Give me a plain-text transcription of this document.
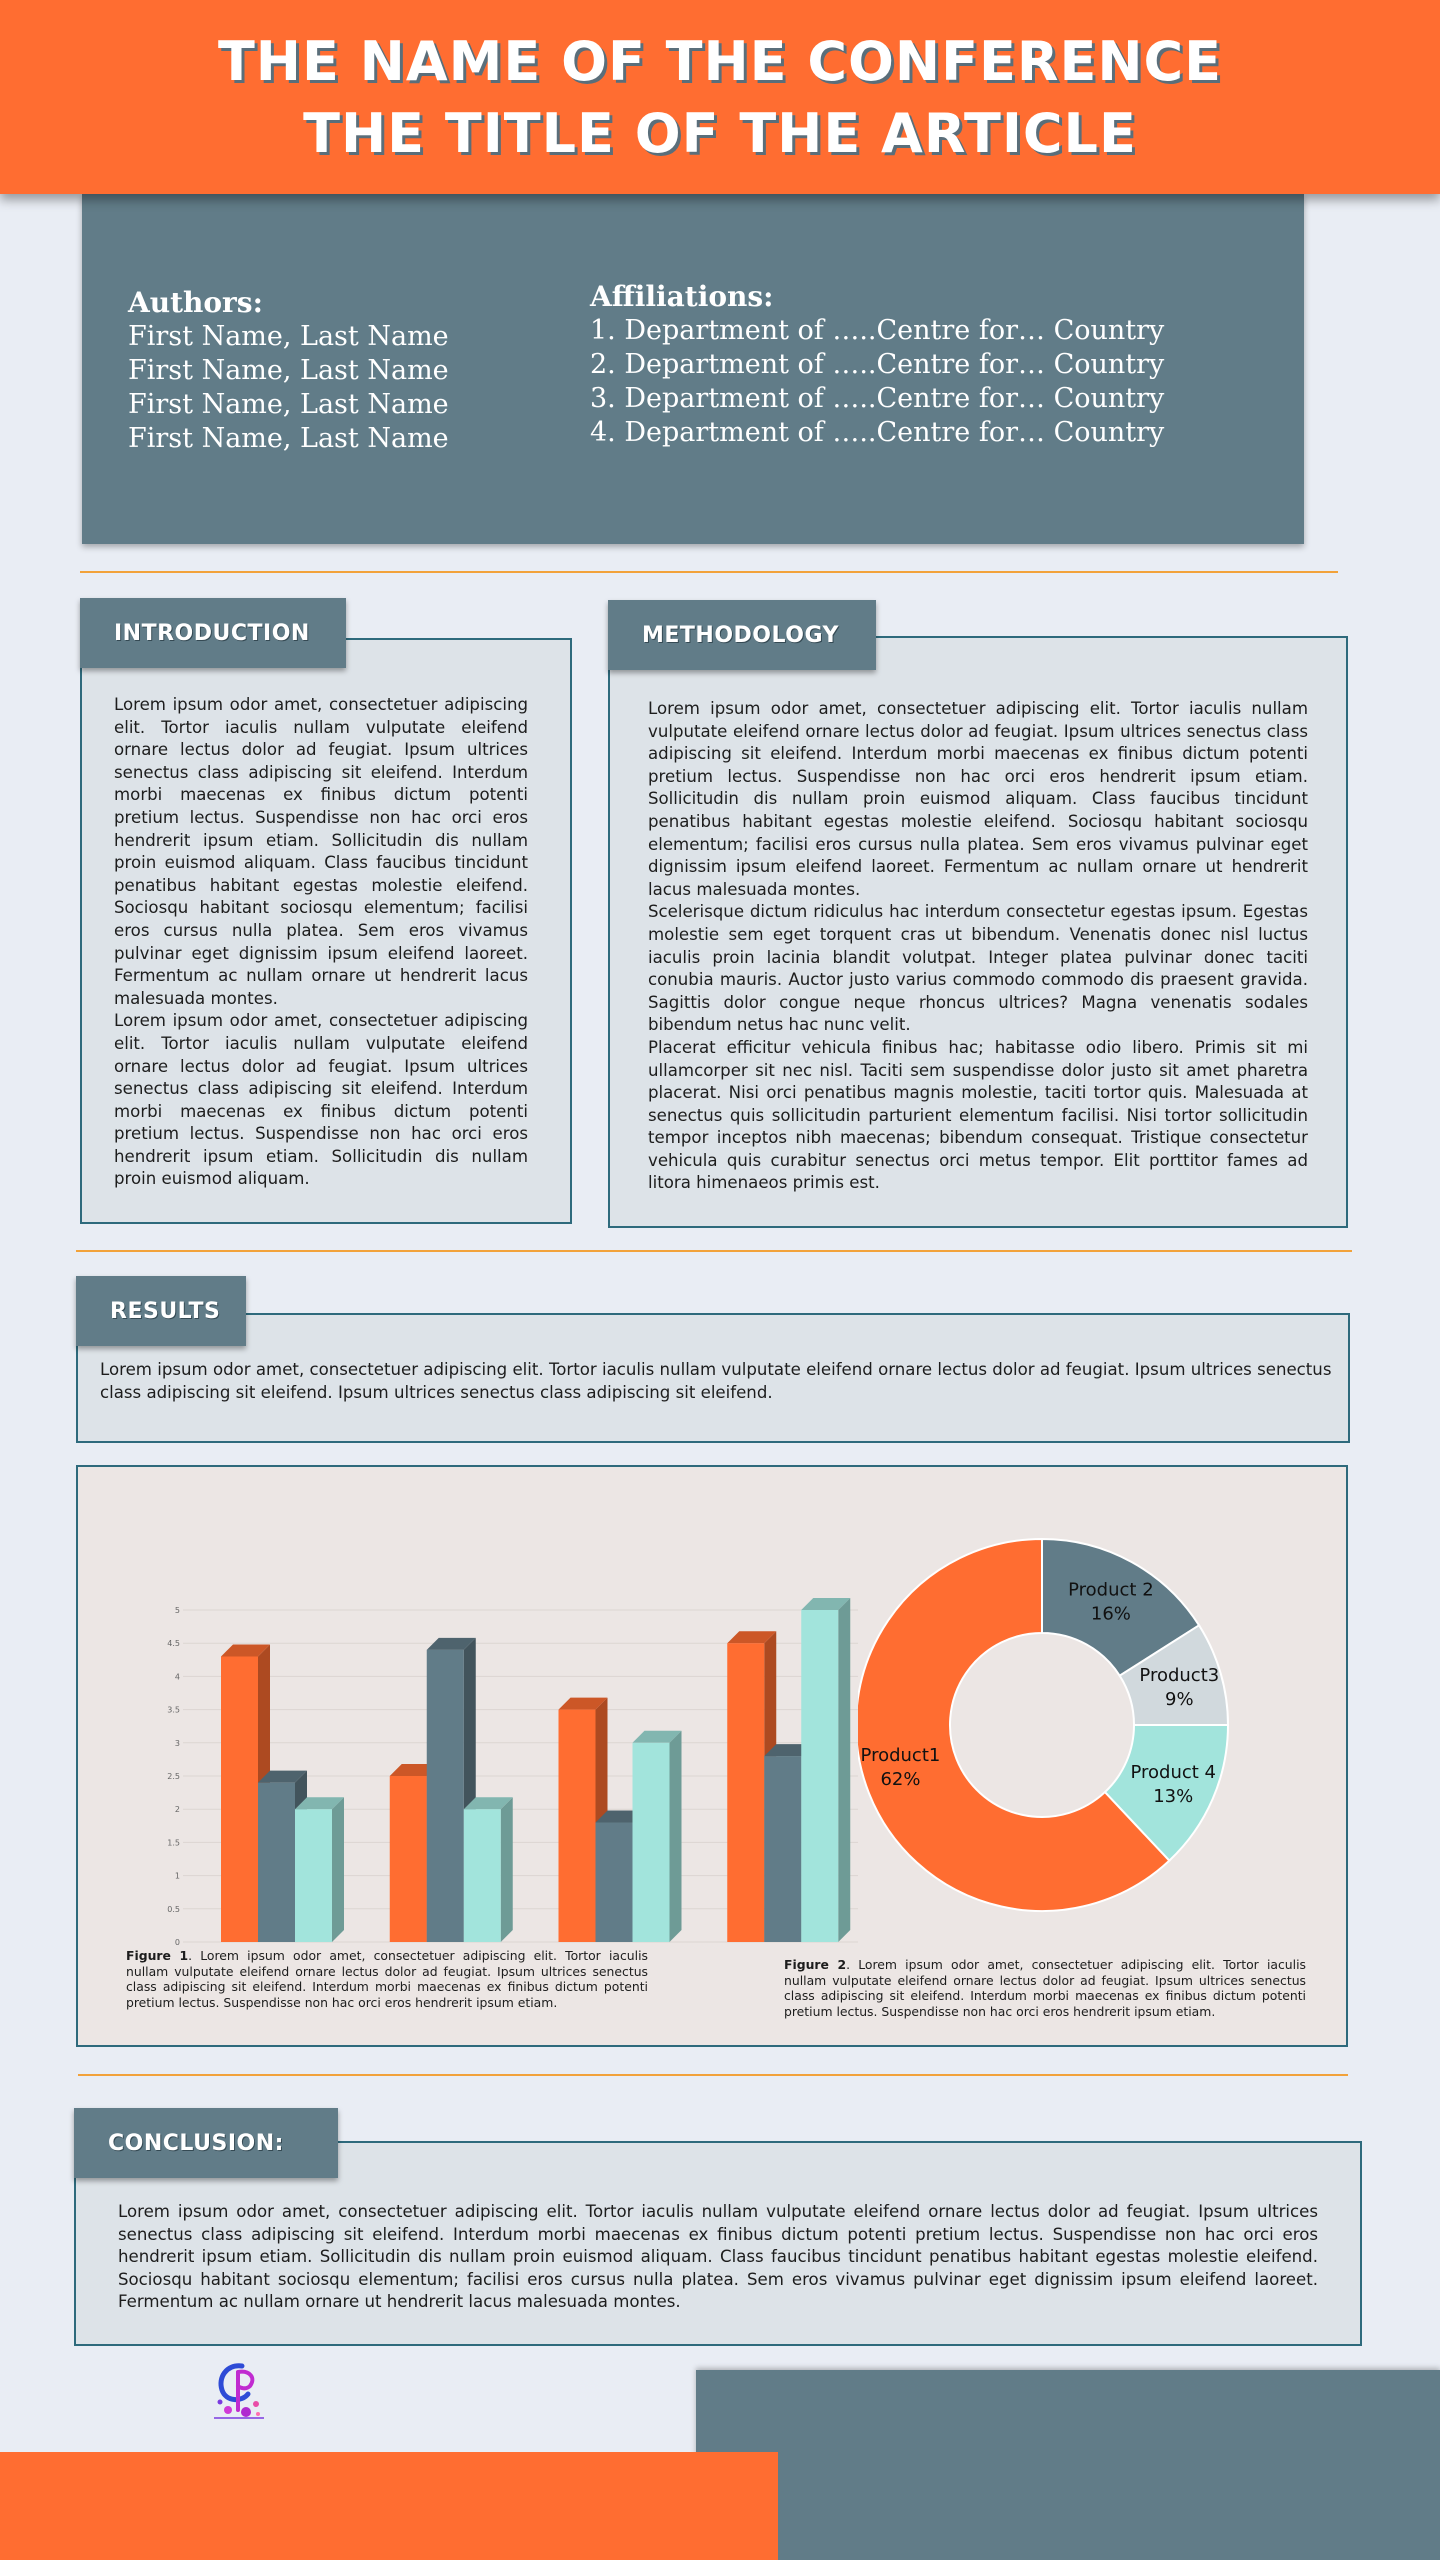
THE NAME OF THE CONFERENCE
THE TITLE OF THE ARTICLE
Authors:
First Name, Last Name
First Name, Last Name
First Name, Last Name
First Name, Last Name
Affiliations:
1. Department of …..Centre for… Country
2. Department of …..Centre for… Country
3. Department of …..Centre for… Country
4. Department of …..Centre for… Country
INTRODUCTION

Lorem ipsum odor amet, consectetuer adipiscing elit. Tortor iaculis nullam vulputate eleifend ornare lectus dolor ad feugiat. Ipsum ultrices senectus class adipiscing sit eleifend. Interdum morbi maecenas ex finibus dictum potenti pretium lectus. Suspendisse non hac orci eros hendrerit ipsum etiam. Sollicitudin dis nullam proin euismod aliquam. Class faucibus tincidunt penatibus habitant egestas molestie eleifend. Sociosqu habitant sociosqu elementum; facilisi eros cursus nulla platea. Sem eros vivamus pulvinar eget dignissim ipsum eleifend laoreet. Fermentum ac nullam ornare ut hendrerit lacus malesuada montes.

Lorem ipsum odor amet, consectetuer adipiscing elit. Tortor iaculis nullam vulputate eleifend ornare lectus dolor ad feugiat. Ipsum ultrices senectus class adipiscing sit eleifend. Interdum morbi maecenas ex finibus dictum potenti pretium lectus. Suspendisse non hac orci eros hendrerit ipsum etiam. Sollicitudin dis nullam proin euismod aliquam.

METHODOLOGY

Lorem ipsum odor amet, consectetuer adipiscing elit. Tortor iaculis nullam vulputate eleifend ornare lectus dolor ad feugiat. Ipsum ultrices senectus class adipiscing sit eleifend. Interdum morbi maecenas ex finibus dictum potenti pretium lectus. Suspendisse non hac orci eros hendrerit ipsum etiam. Sollicitudin dis nullam proin euismod aliquam. Class faucibus tincidunt penatibus habitant egestas molestie eleifend. Sociosqu habitant sociosqu elementum; facilisi eros cursus nulla platea. Sem eros vivamus pulvinar eget dignissim ipsum eleifend laoreet. Fermentum ac nullam ornare ut hendrerit lacus malesuada montes.

Scelerisque dictum ridiculus hac interdum consectetur egestas ipsum. Egestas molestie sem eget torquent cras ut bibendum. Venenatis donec nisl luctus iaculis proin lacinia blandit volutpat. Integer platea pulvinar donec taciti conubia mauris. Auctor justo varius commodo commodo dis praesent gravida. Sagittis dolor congue neque rhoncus ultrices? Magna venenatis sodales bibendum netus hac nunc velit.

Placerat efficitur vehicula finibus hac; habitasse odio libero. Primis sit mi ullamcorper sit nec nisl. Taciti sem suspendisse dolor justo sit amet pharetra placerat. Nisi orci penatibus magnis molestie, taciti tortor quis. Malesuada at senectus quis sollicitudin parturient elementum facilisi. Nisi tortor sollicitudin tempor inceptos nibh maecenas; bibendum consequat. Tristique consectetur vehicula quis curabitur senectus orci metus tempor. Elit porttitor fames ad litora himenaeos primis est.

RESULTS
Lorem ipsum odor amet, consectetuer adipiscing elit. Tortor iaculis nullam vulputate eleifend ornare lectus dolor ad feugiat. Ipsum ultrices senectus class adipiscing sit eleifend. Ipsum ultrices senectus class adipiscing sit eleifend.
0
0.5
1
1.5
2
2.5
3
3.5
4
4.5
5
Product1
62%
Product 2
16%
Product3
9%
Product 4
13%
Figure 1. Lorem ipsum odor amet, consectetuer adipiscing elit. Tortor iaculis nullam vulputate eleifend ornare lectus dolor ad feugiat. Ipsum ultrices senectus class adipiscing sit eleifend. Interdum morbi maecenas ex finibus dictum potenti pretium lectus. Suspendisse non hac orci eros hendrerit ipsum etiam.
Figure 2. Lorem ipsum odor amet, consectetuer adipiscing elit. Tortor iaculis nullam vulputate eleifend ornare lectus dolor ad feugiat. Ipsum ultrices senectus class adipiscing sit eleifend. Interdum morbi maecenas ex finibus dictum potenti pretium lectus. Suspendisse non hac orci eros hendrerit ipsum etiam.
CONCLUSION:
Lorem ipsum odor amet, consectetuer adipiscing elit. Tortor iaculis nullam vulputate eleifend ornare lectus dolor ad feugiat. Ipsum ultrices senectus class adipiscing sit eleifend. Interdum morbi maecenas ex finibus dictum potenti pretium lectus. Suspendisse non hac orci eros hendrerit ipsum etiam. Sollicitudin dis nullam proin euismod aliquam. Class faucibus tincidunt penatibus habitant egestas molestie eleifend. Sociosqu habitant sociosqu elementum; facilisi eros cursus nulla platea. Sem eros vivamus pulvinar eget dignissim ipsum eleifend laoreet. Fermentum ac nullam ornare ut hendrerit lacus malesuada montes.
